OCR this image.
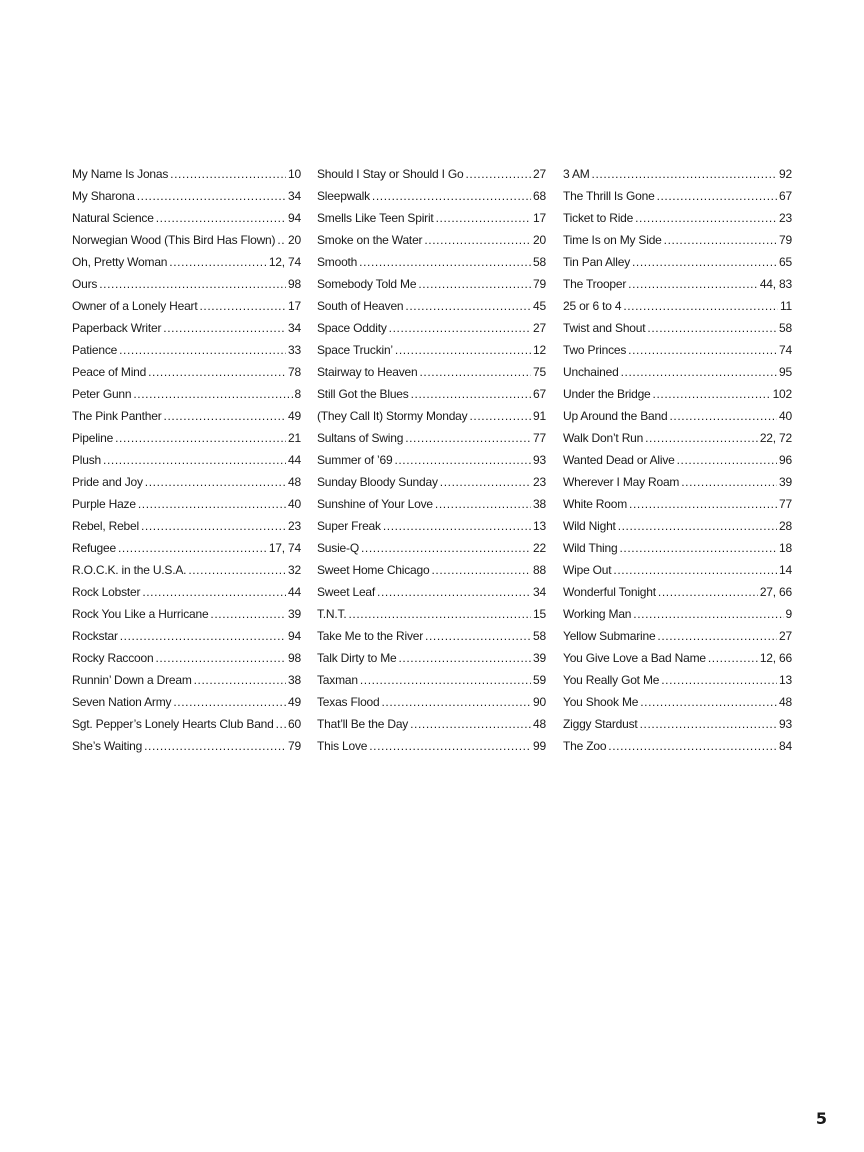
My Name Is Jonas .....	10
My Sharona .....	34
Natural Science .....	94
Norwegian Wood (This Bird Has Flown) ..... 20
Oh, Pretty Woman .....	12, 74
Ours .....	98
Owner of a Lonely Heart .....	17
Paperback Writer .....	34
Patience .....	33
Peace of Mind .....	78
Peter Gunn .....	8
The Pink Panther .....	49
Pipeline .....	21
Plush .....	44
Pride and Joy .....	48
Purple Haze .....	40
Rebel, Rebel .....	23
Refugee .....	17, 74
R.O.C.K. in the U.S.A. .....	32
Rock Lobster .....	44
Rock You Like a Hurricane .....	39
Rockstar .....	94
Rocky Raccoon .....	98
Runnin’ Down a Dream .....	38
Seven Nation Army .....	49
Sgt. Pepper’s Lonely Hearts Club Band ..... 60
She’s Waiting .....	79
Should I Stay or Should I Go .....	27
Sleepwalk .....	68
Smells Like Teen Spirit .....	17
Smoke on the Water .....	20
Smooth .....	58
Somebody Told Me .....	79
South of Heaven .....	45
Space Oddity .....	27
Space Truckin’ .....	12
Stairway to Heaven .....	75
Still Got the Blues .....	67
(They Call It) Stormy Monday .....	91
Sultans of Swing .....	77
Summer of ’69 .....	93
Sunday Bloody Sunday .....	23
Sunshine of Your Love .....	38
Super Freak .....	13
Susie-Q .....	22
Sweet Home Chicago .....	88
Sweet Leaf .....	34
T.N.T. .....	15
Take Me to the River .....	58
Talk Dirty to Me .....	39
Taxman .....	59
Texas Flood .....	90
That’ll Be the Day .....	48
This Love .....	99
3 AM .....	92
The Thrill Is Gone .....	67
Ticket to Ride .....	23
Time Is on My Side .....	79
Tin Pan Alley .....	65
The Trooper .....	44, 83
25 or 6 to 4 .....	11
Twist and Shout .....	58
Two Princes .....	74
Unchained .....	95
Under the Bridge .....	102
Up Around the Band .....	40
Walk Don’t Run .....	22, 72
Wanted Dead or Alive .....	96
Wherever I May Roam .....	39
White Room .....	77
Wild Night .....	28
Wild Thing .....	18
Wipe Out .....	14
Wonderful Tonight .....	27, 66
Working Man .....	9
Yellow Submarine .....	27
You Give Love a Bad Name .....	12, 66
You Really Got Me .....	13
You Shook Me .....	48
Ziggy Stardust .....	93
The Zoo .....	84
5
